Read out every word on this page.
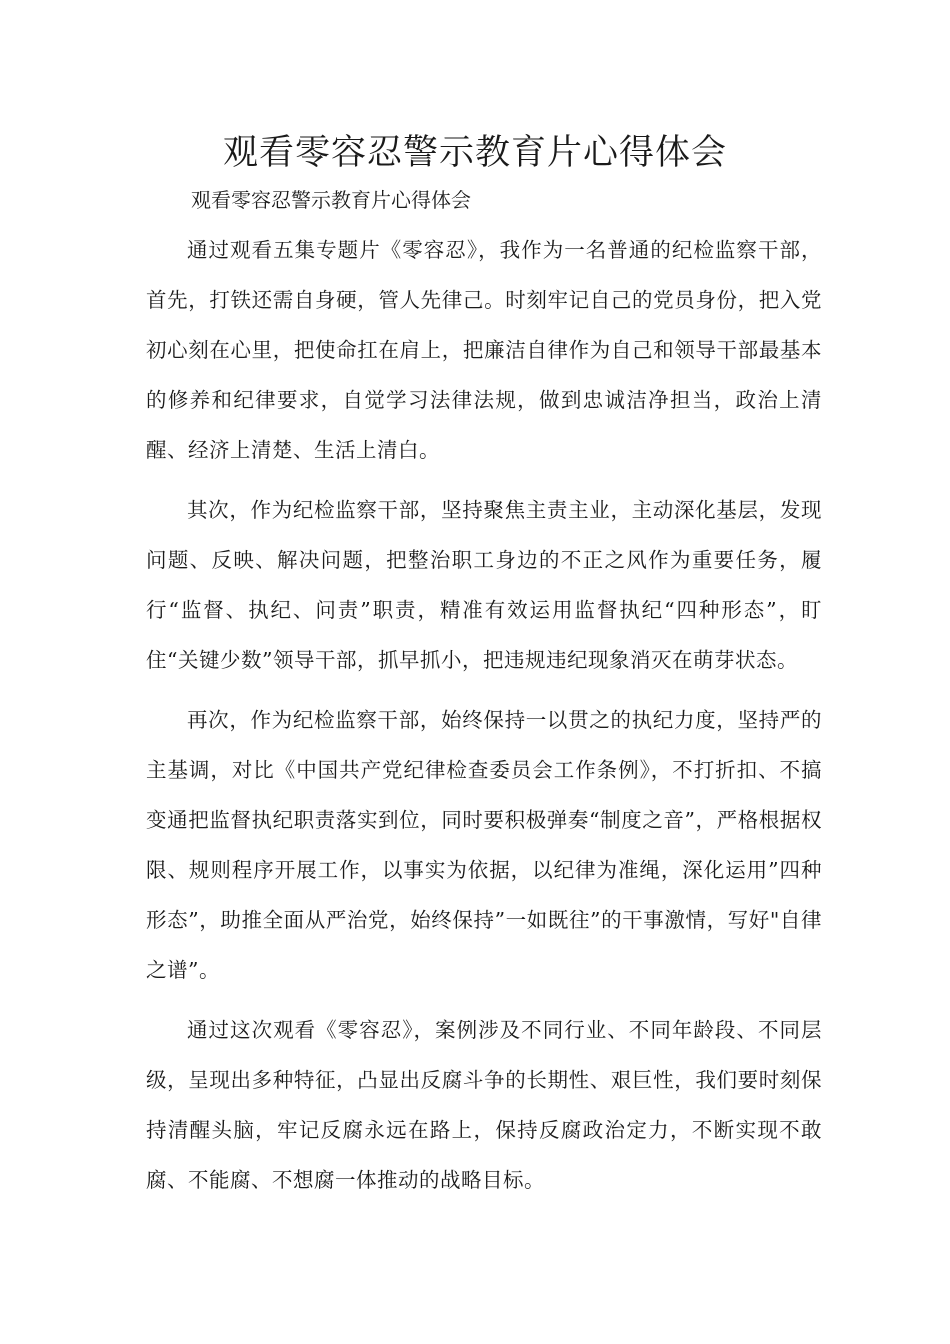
观看零容忍警示教育片心得体会

观看零容忍警示教育片心得体会

通过观看五集专题片《零容忍》，我作为一名普通的纪检监察干部，首先，打铁还需自身硬，管人先律己。时刻牢记自己的党员身份，把入党初心刻在心里，把使命扛在肩上，把廉洁自律作为自己和领导干部最基本的修养和纪律要求，自觉学习法律法规，做到忠诚洁净担当，政治上清醒、经济上清楚、生活上清白。

其次，作为纪检监察干部，坚持聚焦主责主业，主动深化基层，发现问题、反映、解决问题，把整治职工身边的不正之风作为重要任务，履行“监督、执纪、问责”职责，精准有效运用监督执纪“四种形态”，盯住“关键少数”领导干部，抓早抓小，把违规违纪现象消灭在萌芽状态。

再次，作为纪检监察干部，始终保持一以贯之的执纪力度，坚持严的主基调，对比《中国共产党纪律检查委员会工作条例》，不打折扣、不搞变通把监督执纪职责落实到位，同时要积极弹奏“制度之音”，严格根据权限、规则程序开展工作，以事实为依据，以纪律为准绳，深化运用”四种形态”，助推全面从严治党，始终保持”一如既往”的干事激情，写好"自律之谱”。

通过这次观看《零容忍》，案例涉及不同行业、不同年龄段、不同层级，呈现出多种特征，凸显出反腐斗争的长期性、艰巨性，我们要时刻保持清醒头脑，牢记反腐永远在路上，保持反腐政治定力，不断实现不敢腐、不能腐、不想腐一体推动的战略目标。
